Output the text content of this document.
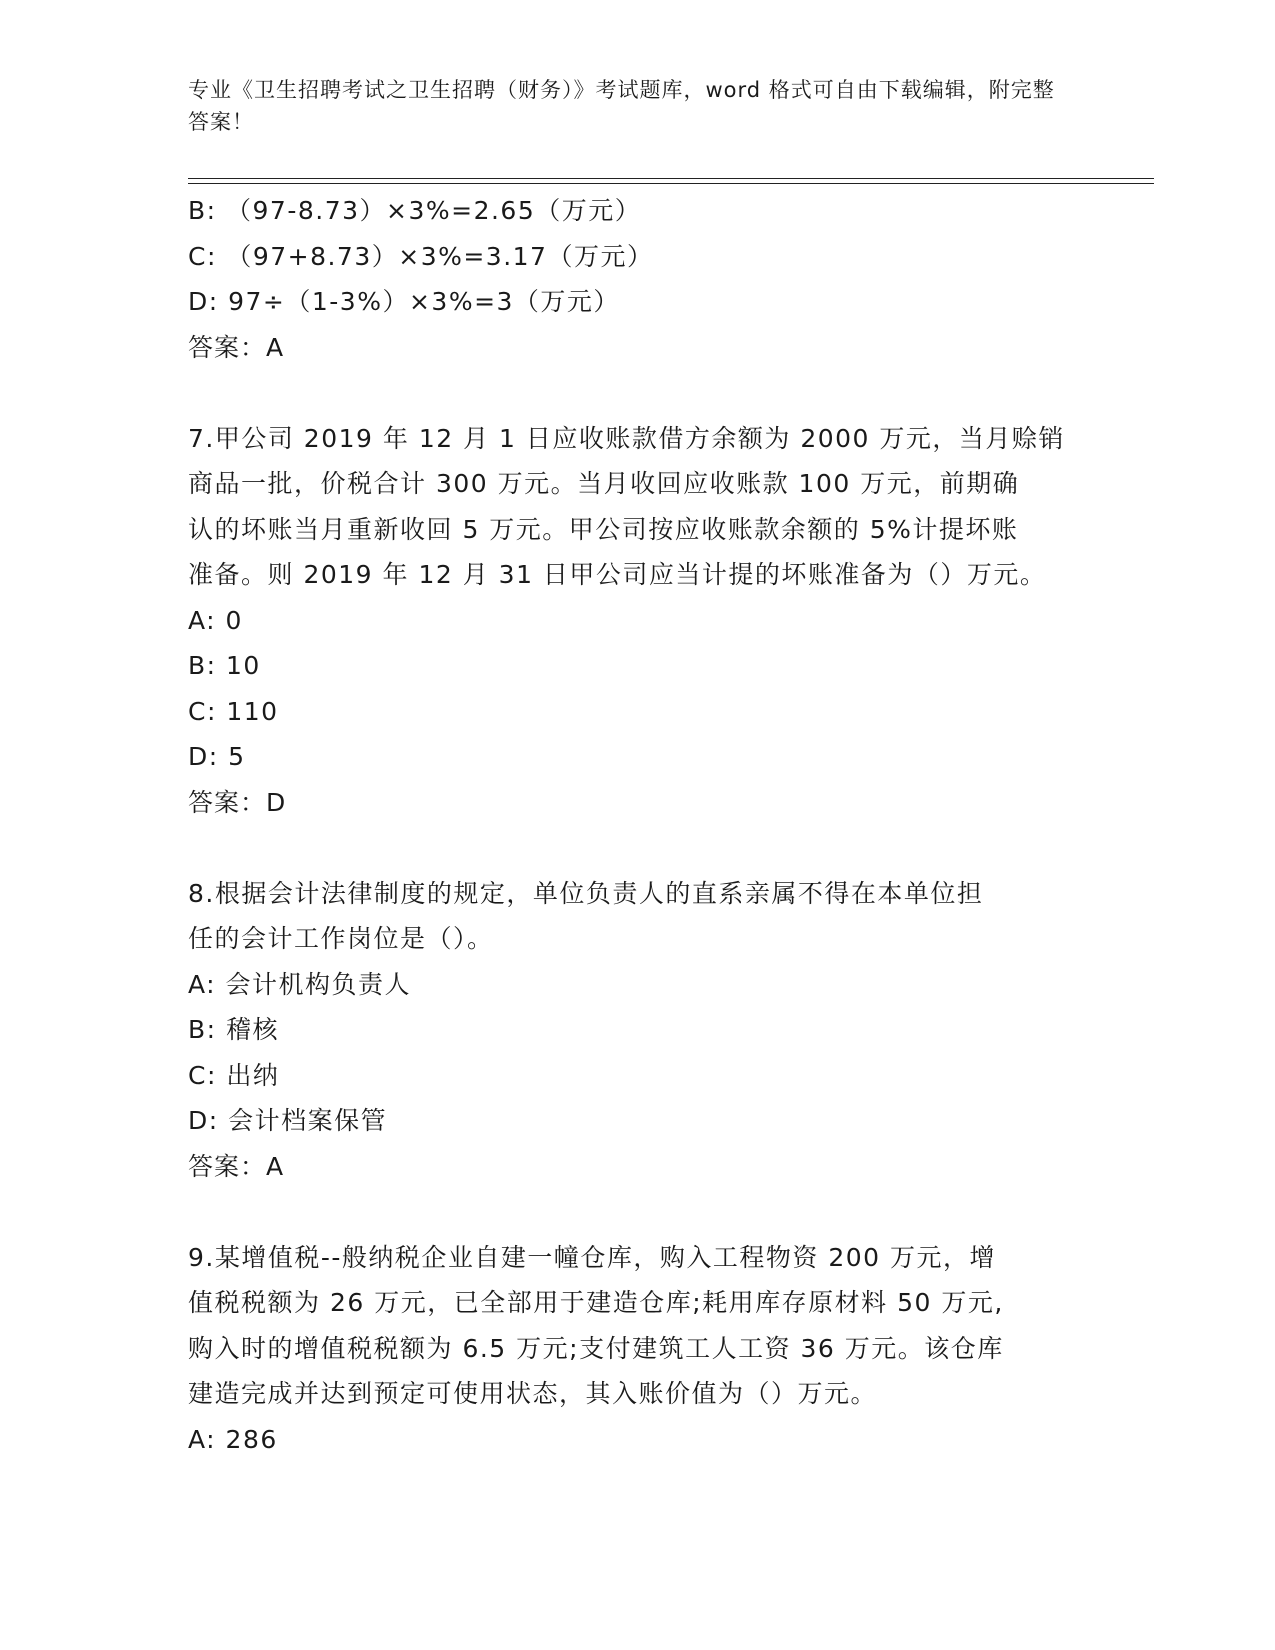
专业《卫生招聘考试之卫生招聘（财务）》考试题库，word 格式可自由下载编辑，附完整答案！
B: （97-8.73）×3%=2.65（万元）
C: （97+8.73）×3%=3.17（万元）
D: 97÷（1-3%）×3%=3（万元）
答案：A
7.甲公司 2019 年 12 月 1 日应收账款借方余额为 2000 万元，当月赊销
商品一批，价税合计 300 万元。当月收回应收账款 100 万元，前期确
认的坏账当月重新收回 5 万元。甲公司按应收账款余额的 5%计提坏账
准备。则 2019 年 12 月 31 日甲公司应当计提的坏账准备为（）万元。
A: 0
B: 10
C: 110
D: 5
答案：D
8.根据会计法律制度的规定，单位负责人的直系亲属不得在本单位担
任的会计工作岗位是（）。
A: 会计机构负责人
B: 稽核
C: 出纳
D: 会计档案保管
答案：A
9.某增值税--般纳税企业自建一幢仓库，购入工程物资 200 万元，增
值税税额为 26 万元，已全部用于建造仓库;耗用库存原材料 50 万元,
购入时的增值税税额为 6.5 万元;支付建筑工人工资 36 万元。该仓库
建造完成并达到预定可使用状态，其入账价值为（）万元。
A: 286
